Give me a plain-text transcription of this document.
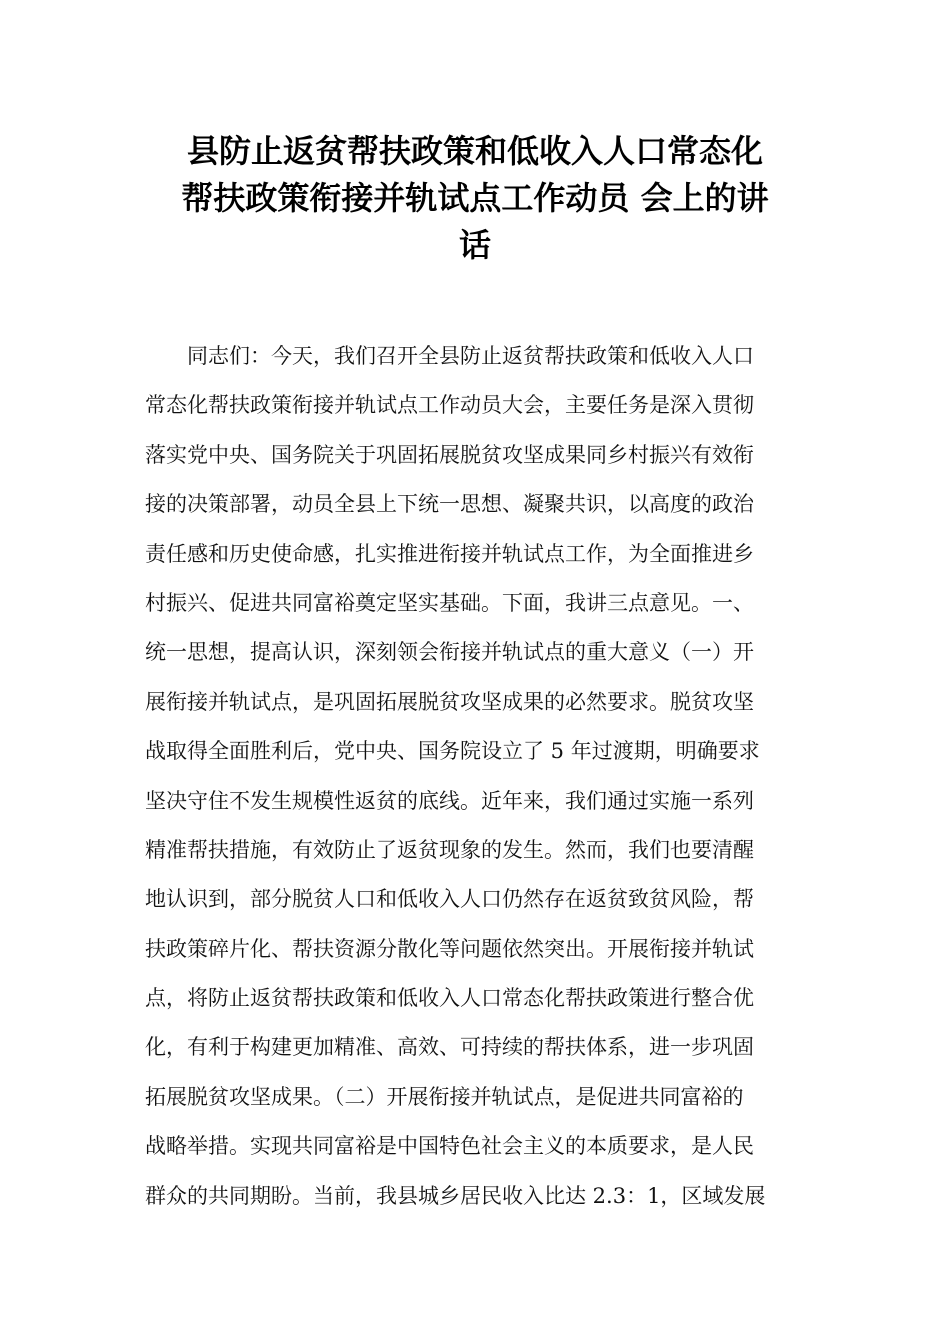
县防止返贫帮扶政策和低收入人口常态化
帮扶政策衔接并轨试点工作动员 会上的讲
话
　　同志们：今天，我们召开全县防止返贫帮扶政策和低收入人口
常态化帮扶政策衔接并轨试点工作动员大会，主要任务是深入贯彻
落实党中央、国务院关于巩固拓展脱贫攻坚成果同乡村振兴有效衔
接的决策部署，动员全县上下统一思想、凝聚共识，以高度的政治
责任感和历史使命感，扎实推进衔接并轨试点工作，为全面推进乡
村振兴、促进共同富裕奠定坚实基础。下面，我讲三点意见。一、
统一思想，提高认识，深刻领会衔接并轨试点的重大意义（一）开
展衔接并轨试点，是巩固拓展脱贫攻坚成果的必然要求。脱贫攻坚
战取得全面胜利后，党中央、国务院设立了 5 年过渡期，明确要求
坚决守住不发生规模性返贫的底线。近年来，我们通过实施一系列
精准帮扶措施，有效防止了返贫现象的发生。然而，我们也要清醒
地认识到，部分脱贫人口和低收入人口仍然存在返贫致贫风险，帮
扶政策碎片化、帮扶资源分散化等问题依然突出。开展衔接并轨试
点，将防止返贫帮扶政策和低收入人口常态化帮扶政策进行整合优
化，有利于构建更加精准、高效、可持续的帮扶体系，进一步巩固
拓展脱贫攻坚成果。（二）开展衔接并轨试点，是促进共同富裕的
战略举措。实现共同富裕是中国特色社会主义的本质要求，是人民
群众的共同期盼。当前，我县城乡居民收入比达 2.3：1，区域发展
